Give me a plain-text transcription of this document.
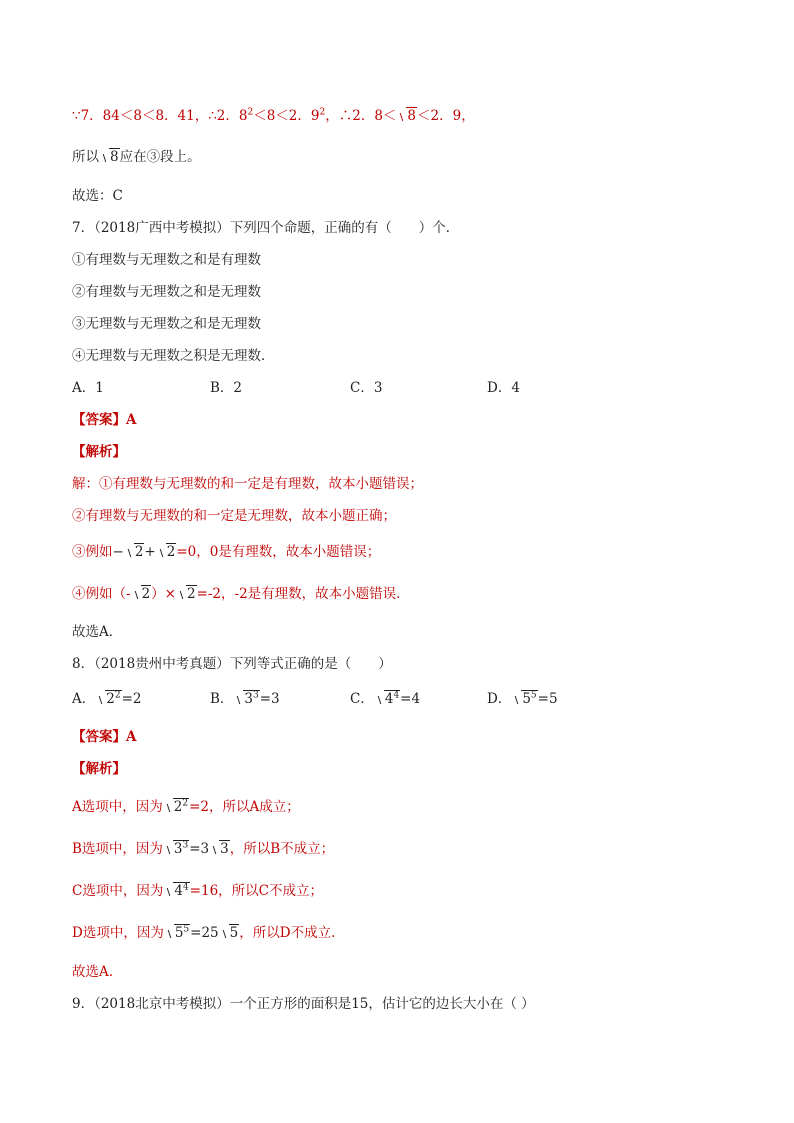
∵7．84＜8＜8．41，∴2．$8^2<8<2$．$9^2$，∴2．8＜ 8＜2．9，
所以 8应在③段上。
故选：C
7．（2018广西中考模拟）下列四个命题，正确的有（　　）个．
①有理数与无理数之和是有理数
②有理数与无理数之和是无理数
③无理数与无理数之和是无理数
④无理数与无理数之积是无理数．
A．1	B．2	C．3	D．4
【答案】A
【解析】
解：①有理数与无理数的和一定是有理数，故本小题错误；
②有理数与无理数的和一定是无理数，故本小题正确；
③例如− 2+ 2=0，0是有理数，故本小题错误；
④例如（- 2）× 2=-2，-2是有理数，故本小题错误．
故选A．
8．（2018贵州中考真题）下列等式正确的是（　　）
A． $2^2=2$	B． $3^3=3$	C． $4^4=4$	D． $5^5=5$
【答案】A
【解析】
A选项中，因为 $2^2=2$，所以A成立；
B选项中，因为 $3^3=3$ 3，所以B不成立；
C选项中，因为 $4^4=16$，所以C不成立；
D选项中，因为 $5^5=25$ 5，所以D不成立.
故选A.
9．（2018北京中考模拟）一个正方形的面积是15，估计它的边长大小在（ ）
